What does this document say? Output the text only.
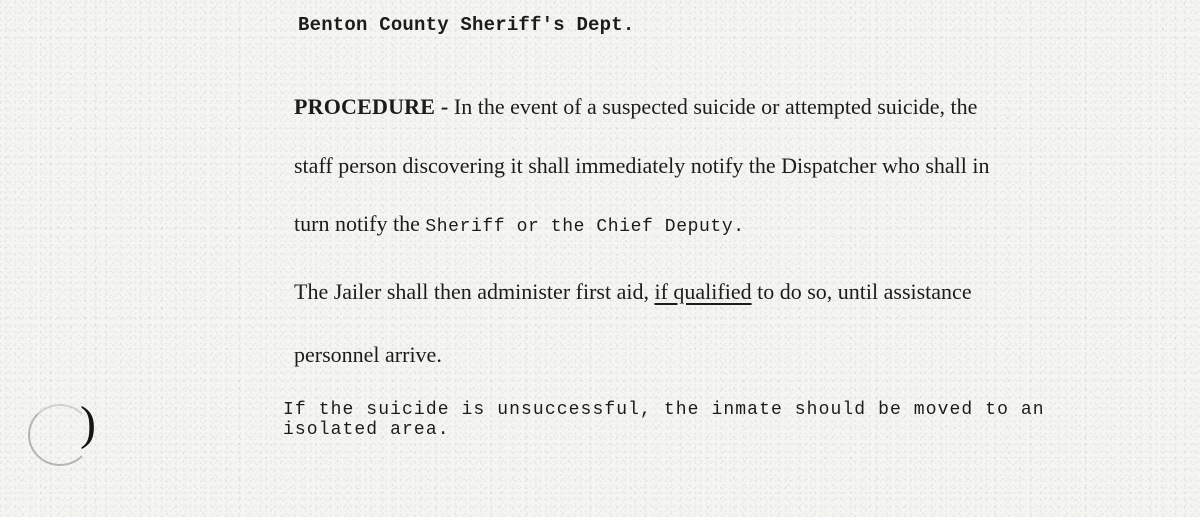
)
Benton County Sheriff's Dept.
PROCEDURE - In the event of a suspected suicide or attempted suicide, the
staff person discovering it shall immediately notify the Dispatcher who shall in
turn notify the Sheriff or the Chief Deputy.
The Jailer shall then administer first aid, if qualified to do so, until assistance
personnel arrive.
If the suicide is unsuccessful, the inmate should be moved to an
isolated area.
